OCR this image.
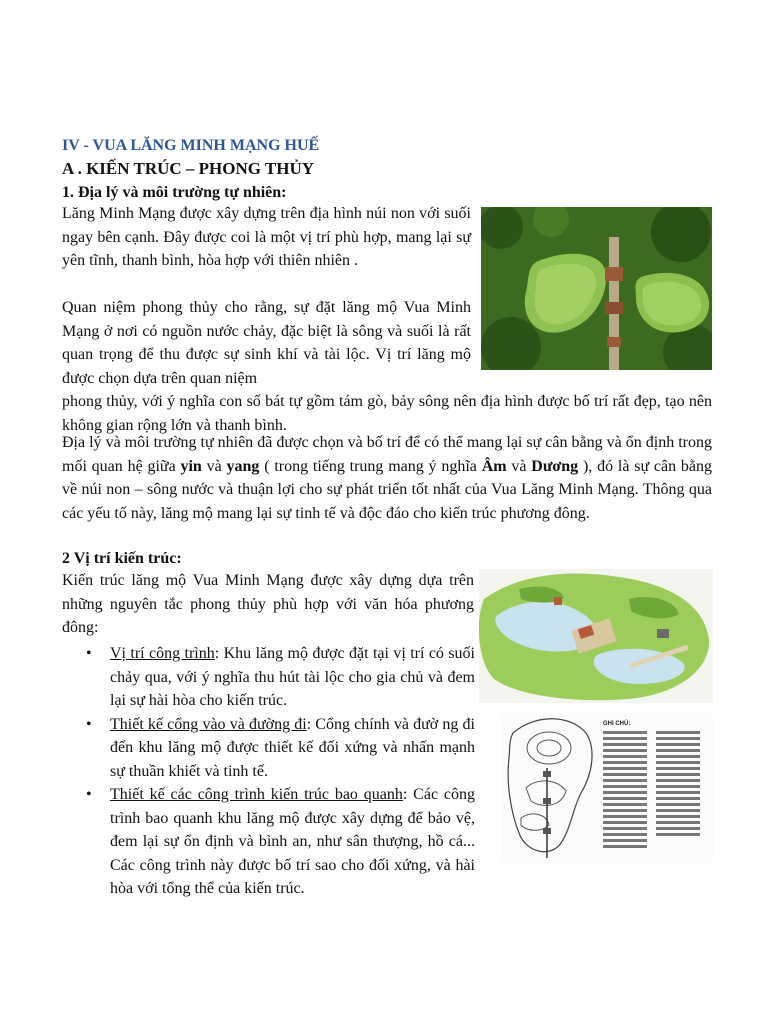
IV - VUA LĂNG MINH MẠNG HUẾ

A . KIẾN TRÚC – PHONG THỦY

1. Địa lý và môi trường tự nhiên:

Lăng Minh Mạng được xây dựng trên địa hình núi non với suối ngay bên cạnh. Đây được coi là một vị trí phù hợp, mang lại sự yên tĩnh, thanh bình, hòa hợp với thiên nhiên .

Quan niệm phong thủy cho rằng, sự đặt lăng mộ Vua Minh Mạng ở nơi có nguồn nước chảy, đặc biệt là sông và suối là rất quan trọng để thu được sự sinh khí và tài lộc. Vị trí lăng mộ được chọn dựa trên quan niệm
phong thủy, với ý nghĩa con số bát tự gồm tám gò, bảy sông nên địa hình được bố trí rất đẹp, tạo nên không gian rộng lớn và thanh bình.

Địa lý và môi trường tự nhiên đã được chọn và bố trí để có thể mang lại sự cân bằng và ổn định trong mối quan hệ giữa yin và yang ( trong tiếng trung mang ý nghĩa Âm và Dương ), đó là sự cân bằng về núi non – sông nước và thuận lợi cho sự phát triển tốt nhất của Vua Lăng Minh Mạng. Thông qua các yếu tố này, lăng mộ mang lại sự tinh tế và độc đáo cho kiến trúc phương đông.

2 Vị trí kiến trúc:

Kiến trúc lăng mộ Vua Minh Mạng được xây dựng dựa trên những nguyên tắc phong thủy phù hợp với văn hóa phương đông:

• Vị trí công trình: Khu lăng mộ được đặt tại vị trí có suối chảy qua, với ý nghĩa thu hút tài lộc cho gia chủ và đem lại sự hài hòa cho kiến trúc.
• Thiết kế cổng vào và đường đi: Cổng chính và đườ ng đi đến khu lăng mộ được thiết kế đối xứng và nhấn mạnh sự thuần khiết và tinh tế.
• Thiết kế các công trình kiến trúc bao quanh: Các công trình bao quanh khu lăng mộ được xây dựng để bảo vệ, đem lại sự ổn định và bình an, như sân thượng, hồ cá... Các công trình này được bố trí sao cho đối xứng, và hài hòa với tổng thể của kiến trúc.
GHI CHÚ:
